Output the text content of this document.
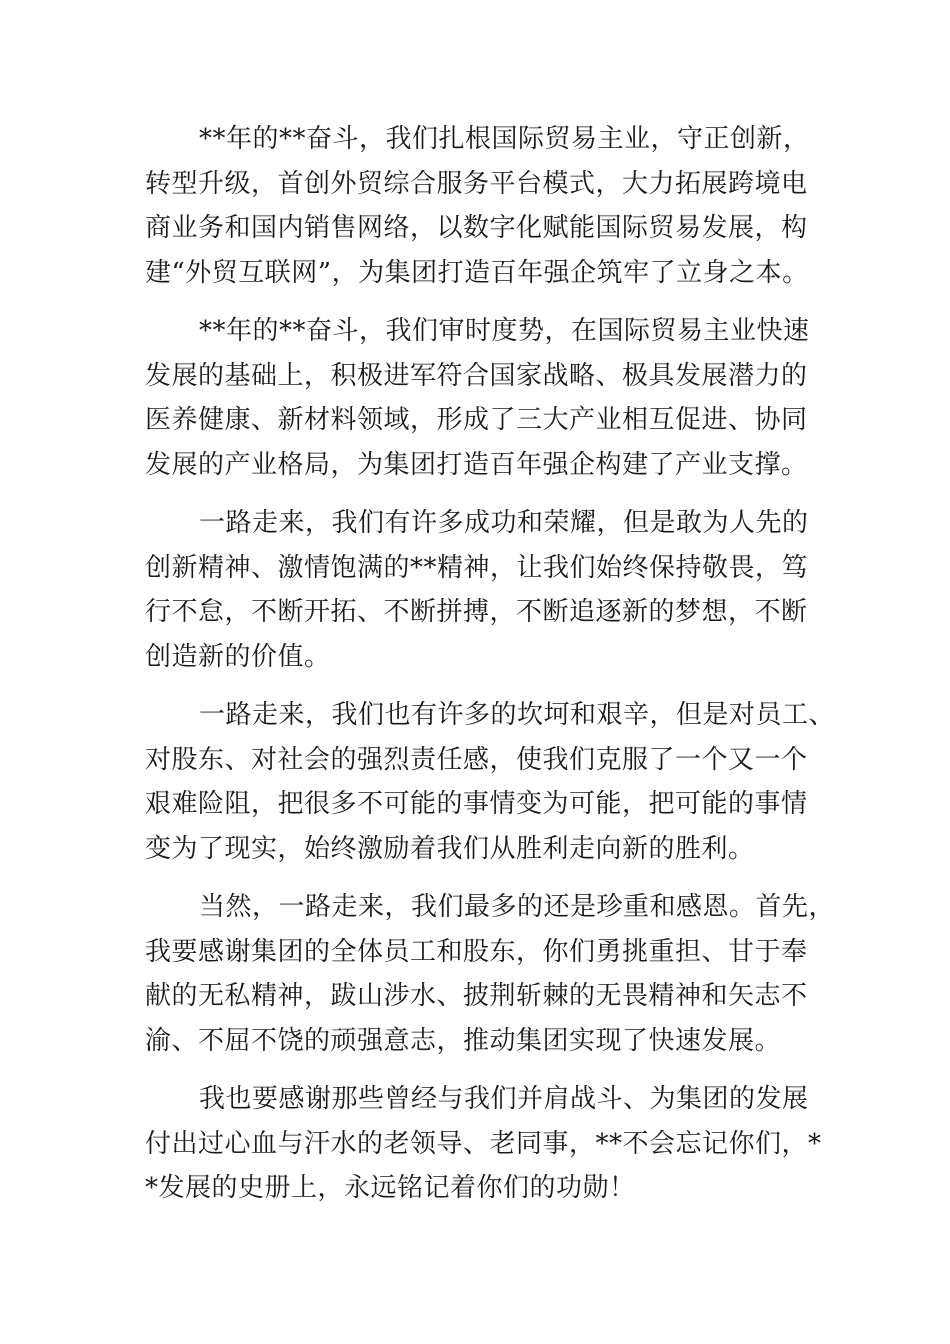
**年的**奋斗，我们扎根国际贸易主业，守正创新，
转型升级，首创外贸综合服务平台模式，大力拓展跨境电
商业务和国内销售网络，以数字化赋能国际贸易发展，构
建“外贸互联网”，为集团打造百年强企筑牢了立身之本。

**年的**奋斗，我们审时度势，在国际贸易主业快速
发展的基础上，积极进军符合国家战略、极具发展潜力的
医养健康、新材料领域，形成了三大产业相互促进、协同
发展的产业格局，为集团打造百年强企构建了产业支撑。

一路走来，我们有许多成功和荣耀，但是敢为人先的
创新精神、激情饱满的**精神，让我们始终保持敬畏，笃
行不怠，不断开拓、不断拼搏，不断追逐新的梦想，不断
创造新的价值。

一路走来，我们也有许多的坎坷和艰辛，但是对员工、
对股东、对社会的强烈责任感，使我们克服了一个又一个
艰难险阻，把很多不可能的事情变为可能，把可能的事情
变为了现实，始终激励着我们从胜利走向新的胜利。

当然，一路走来，我们最多的还是珍重和感恩。首先，
我要感谢集团的全体员工和股东，你们勇挑重担、甘于奉
献的无私精神，跋山涉水、披荆斩棘的无畏精神和矢志不
渝、不屈不饶的顽强意志，推动集团实现了快速发展。

我也要感谢那些曾经与我们并肩战斗、为集团的发展
付出过心血与汗水的老领导、老同事，**不会忘记你们，*
*发展的史册上，永远铭记着你们的功勋！
